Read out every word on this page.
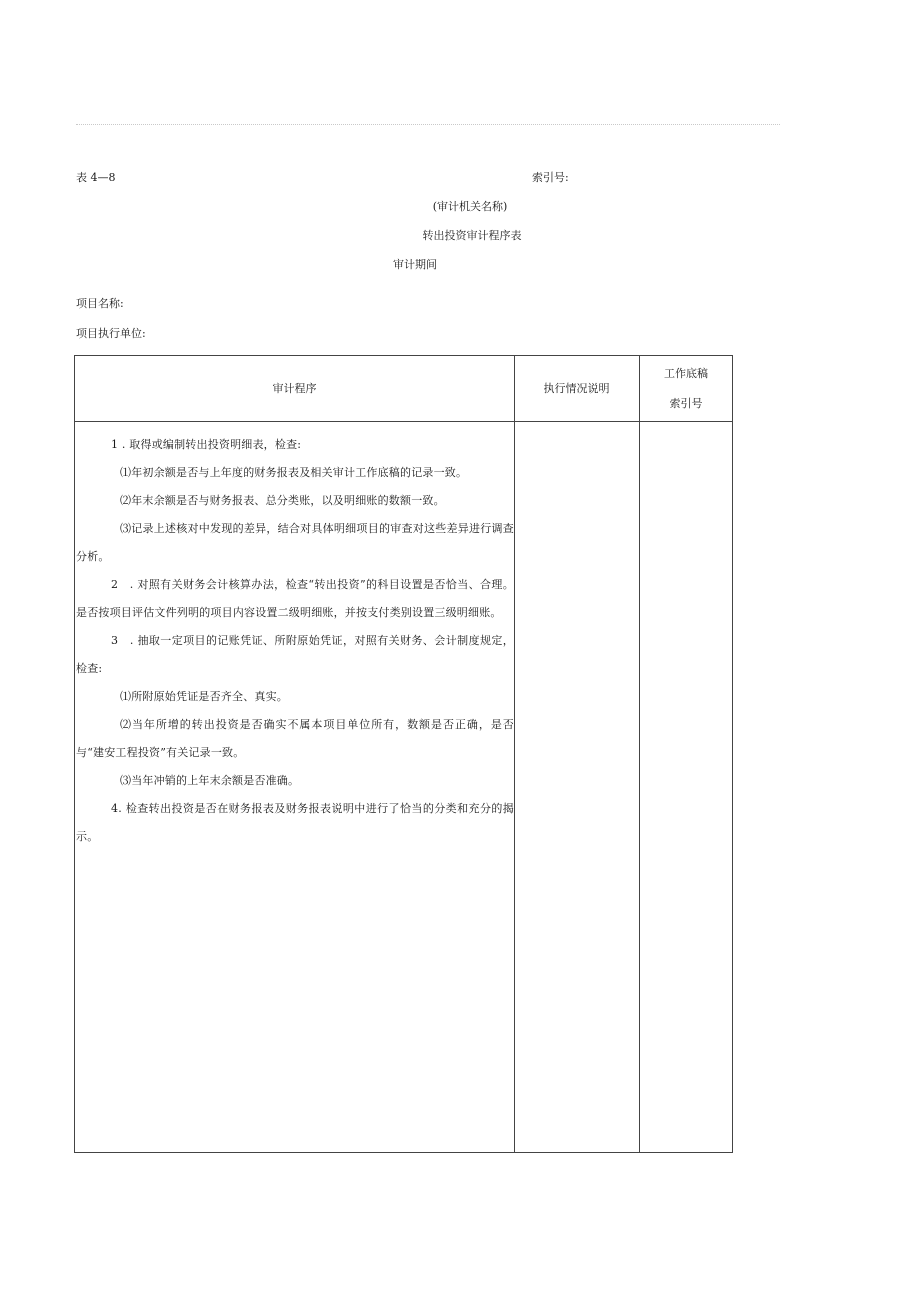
表 4—8	索引号:
(审计机关名称)
转出投资审计程序表
审计期间
项目名称:
项目执行单位:
审计程序	执行情况说明
工作底稿
索引号

1 . 取得或编制转出投资明细表，检查:

⑴年初余额是否与上年度的财务报表及相关审计工作底稿的记录一致。

⑵年末余额是否与财务报表、总分类账，以及明细账的数额一致。

⑶记录上述核对中发现的差异，结合对具体明细项目的审查对这些差异进行调查分析。

2　. 对照有关财务会计核算办法，检查“转出投资”的科目设置是否恰当、合理。是否按项目评估文件列明的项目内容设置二级明细账，并按支付类别设置三级明细账。

3　. 抽取一定项目的记账凭证、所附原始凭证，对照有关财务、会计制度规定，检查:

⑴所附原始凭证是否齐全、真实。

⑵当年所增的转出投资是否确实不属本项目单位所有，数额是否正确，是否与“建安工程投资”有关记录一致。

⑶当年冲销的上年末余额是否准确。

4. 检查转出投资是否在财务报表及财务报表说明中进行了恰当的分类和充分的揭示。
